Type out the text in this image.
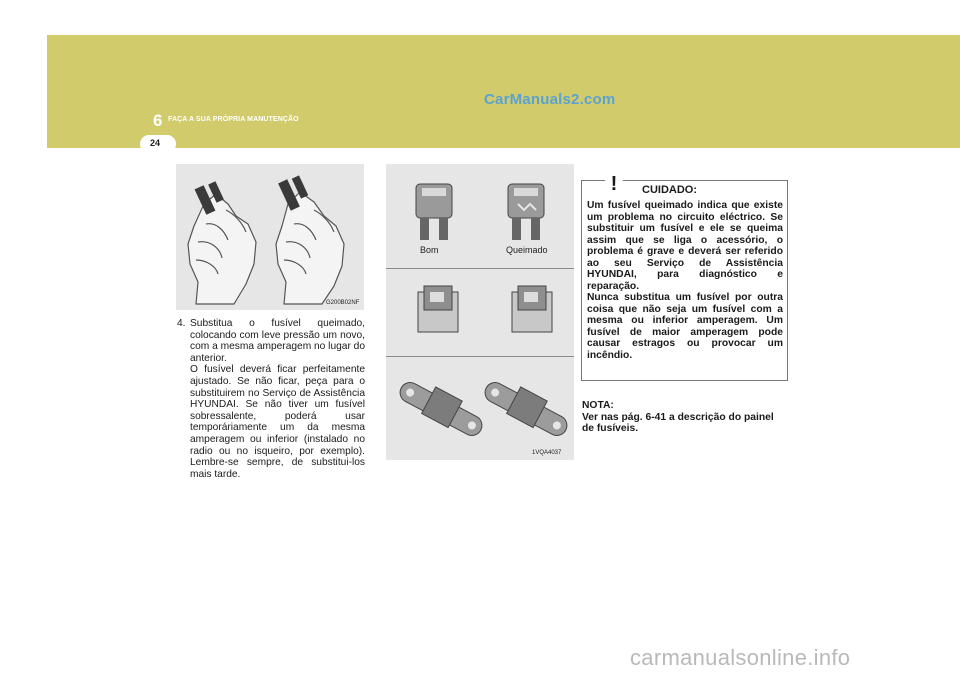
CarManuals2.com
6 FAÇA A SUA PRÓPRIA MANUTENÇÃO
24
G200B02NF
Bom	Queimado
1VQA4037
4. Substitua o fusível queimado, colocando com leve pressão um novo, com a mesma amperagem no lugar do anterior.

O fusível deverá ficar perfeitamente ajustado. Se não ficar, peça para o substituirem no Serviço de Assistência HYUNDAI. Se não tiver um fusível sobressalente, poderá usar temporáriamente um da mesma amperagem ou inferior (instalado no radio ou no isqueiro, por exemplo). Lembre-se sempre, de substitui-los mais tarde.

Um fusível queimado indica que existe um problema no circuito eléctrico. Se substituir um fusível e ele se queima assim que se liga o acessório, o problema é grave e deverá ser referido ao seu Serviço de Assistência HYUNDAI, para diagnóstico e reparação.

Nunca substitua um fusível por outra coisa que não seja um fusível com a mesma ou inferior amperagem. Um fusível de maior amperagem pode causar estragos ou provocar um incêndio.

! CUIDADO:

NOTA:

Ver nas pág. 6-41 a descrição do painel de fusíveis.

carmanualsonline.info
